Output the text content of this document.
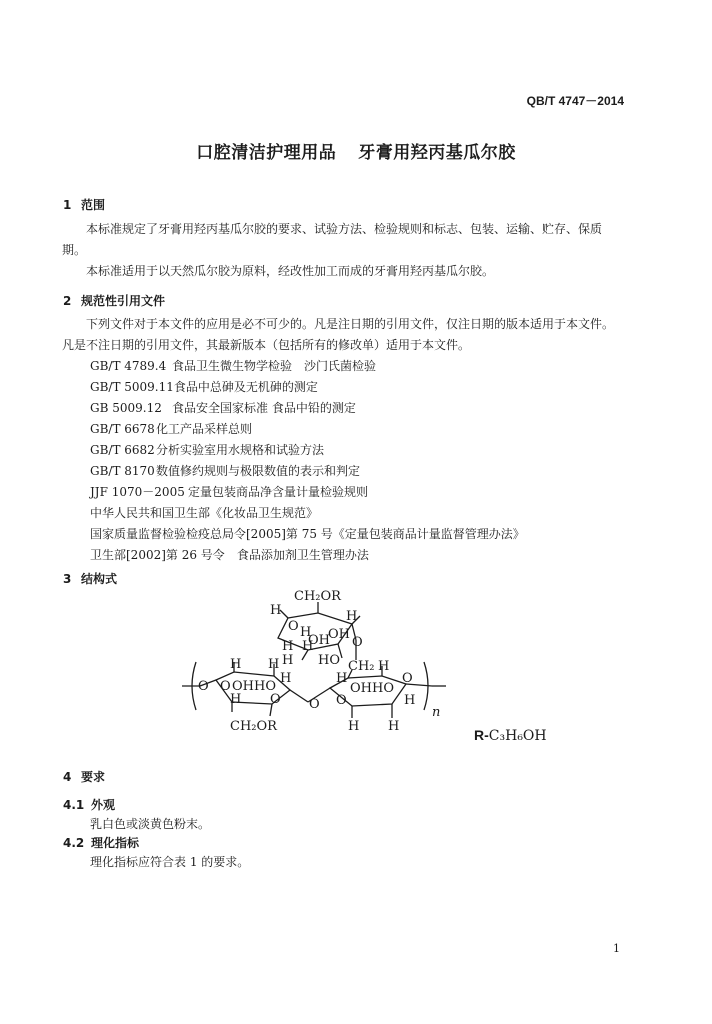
QB/T 4747－2014
口腔清洁护理用品 牙膏用羟丙基瓜尔胶
1 范围
本标准规定了牙膏用羟丙基瓜尔胶的要求、试验方法、检验规则和标志、包装、运输、贮存、保质
期。
本标准适用于以天然瓜尔胶为原料，经改性加工而成的牙膏用羟丙基瓜尔胶。
2 规范性引用文件
下列文件对于本文件的应用是必不可少的。凡是注日期的引用文件，仅注日期的版本适用于本文件。
凡是不注日期的引用文件，其最新版本（包括所有的修改单）适用于本文件。
GB/T 4789.4 食品卫生微生物学检验　沙门氏菌检验
GB/T 5009.11食品中总砷及无机砷的测定
GB 5009.12 食品安全国家标准 食品中铅的测定
GB/T 6678化工产品采样总则
GB/T 6682分析实验室用水规格和试验方法
GB/T 8170数值修约规则与极限数值的表示和判定
JJF 1070－2005 定量包装商品净含量计量检验规则
中华人民共和国卫生部《化妆品卫生规范》
国家质量监督检验检疫总局令[2005]第 75 号《定量包装商品计量监督管理办法》
卫生部[2002]第 26 号令　 食品添加剂卫生管理办法
3 结构式
CH₂OR
H
O
H
H
OH
OH
H H	O
H HO CH₂
H H
O O OHHO
H
H O O
H
H
O
OHHO
O	H
CH₂OR	H H
n
R-C₃H₆OH
4 要求
4.1 外观
乳白色或淡黄色粉末。
4.2 理化指标
理化指标应符合表 1 的要求。
1
